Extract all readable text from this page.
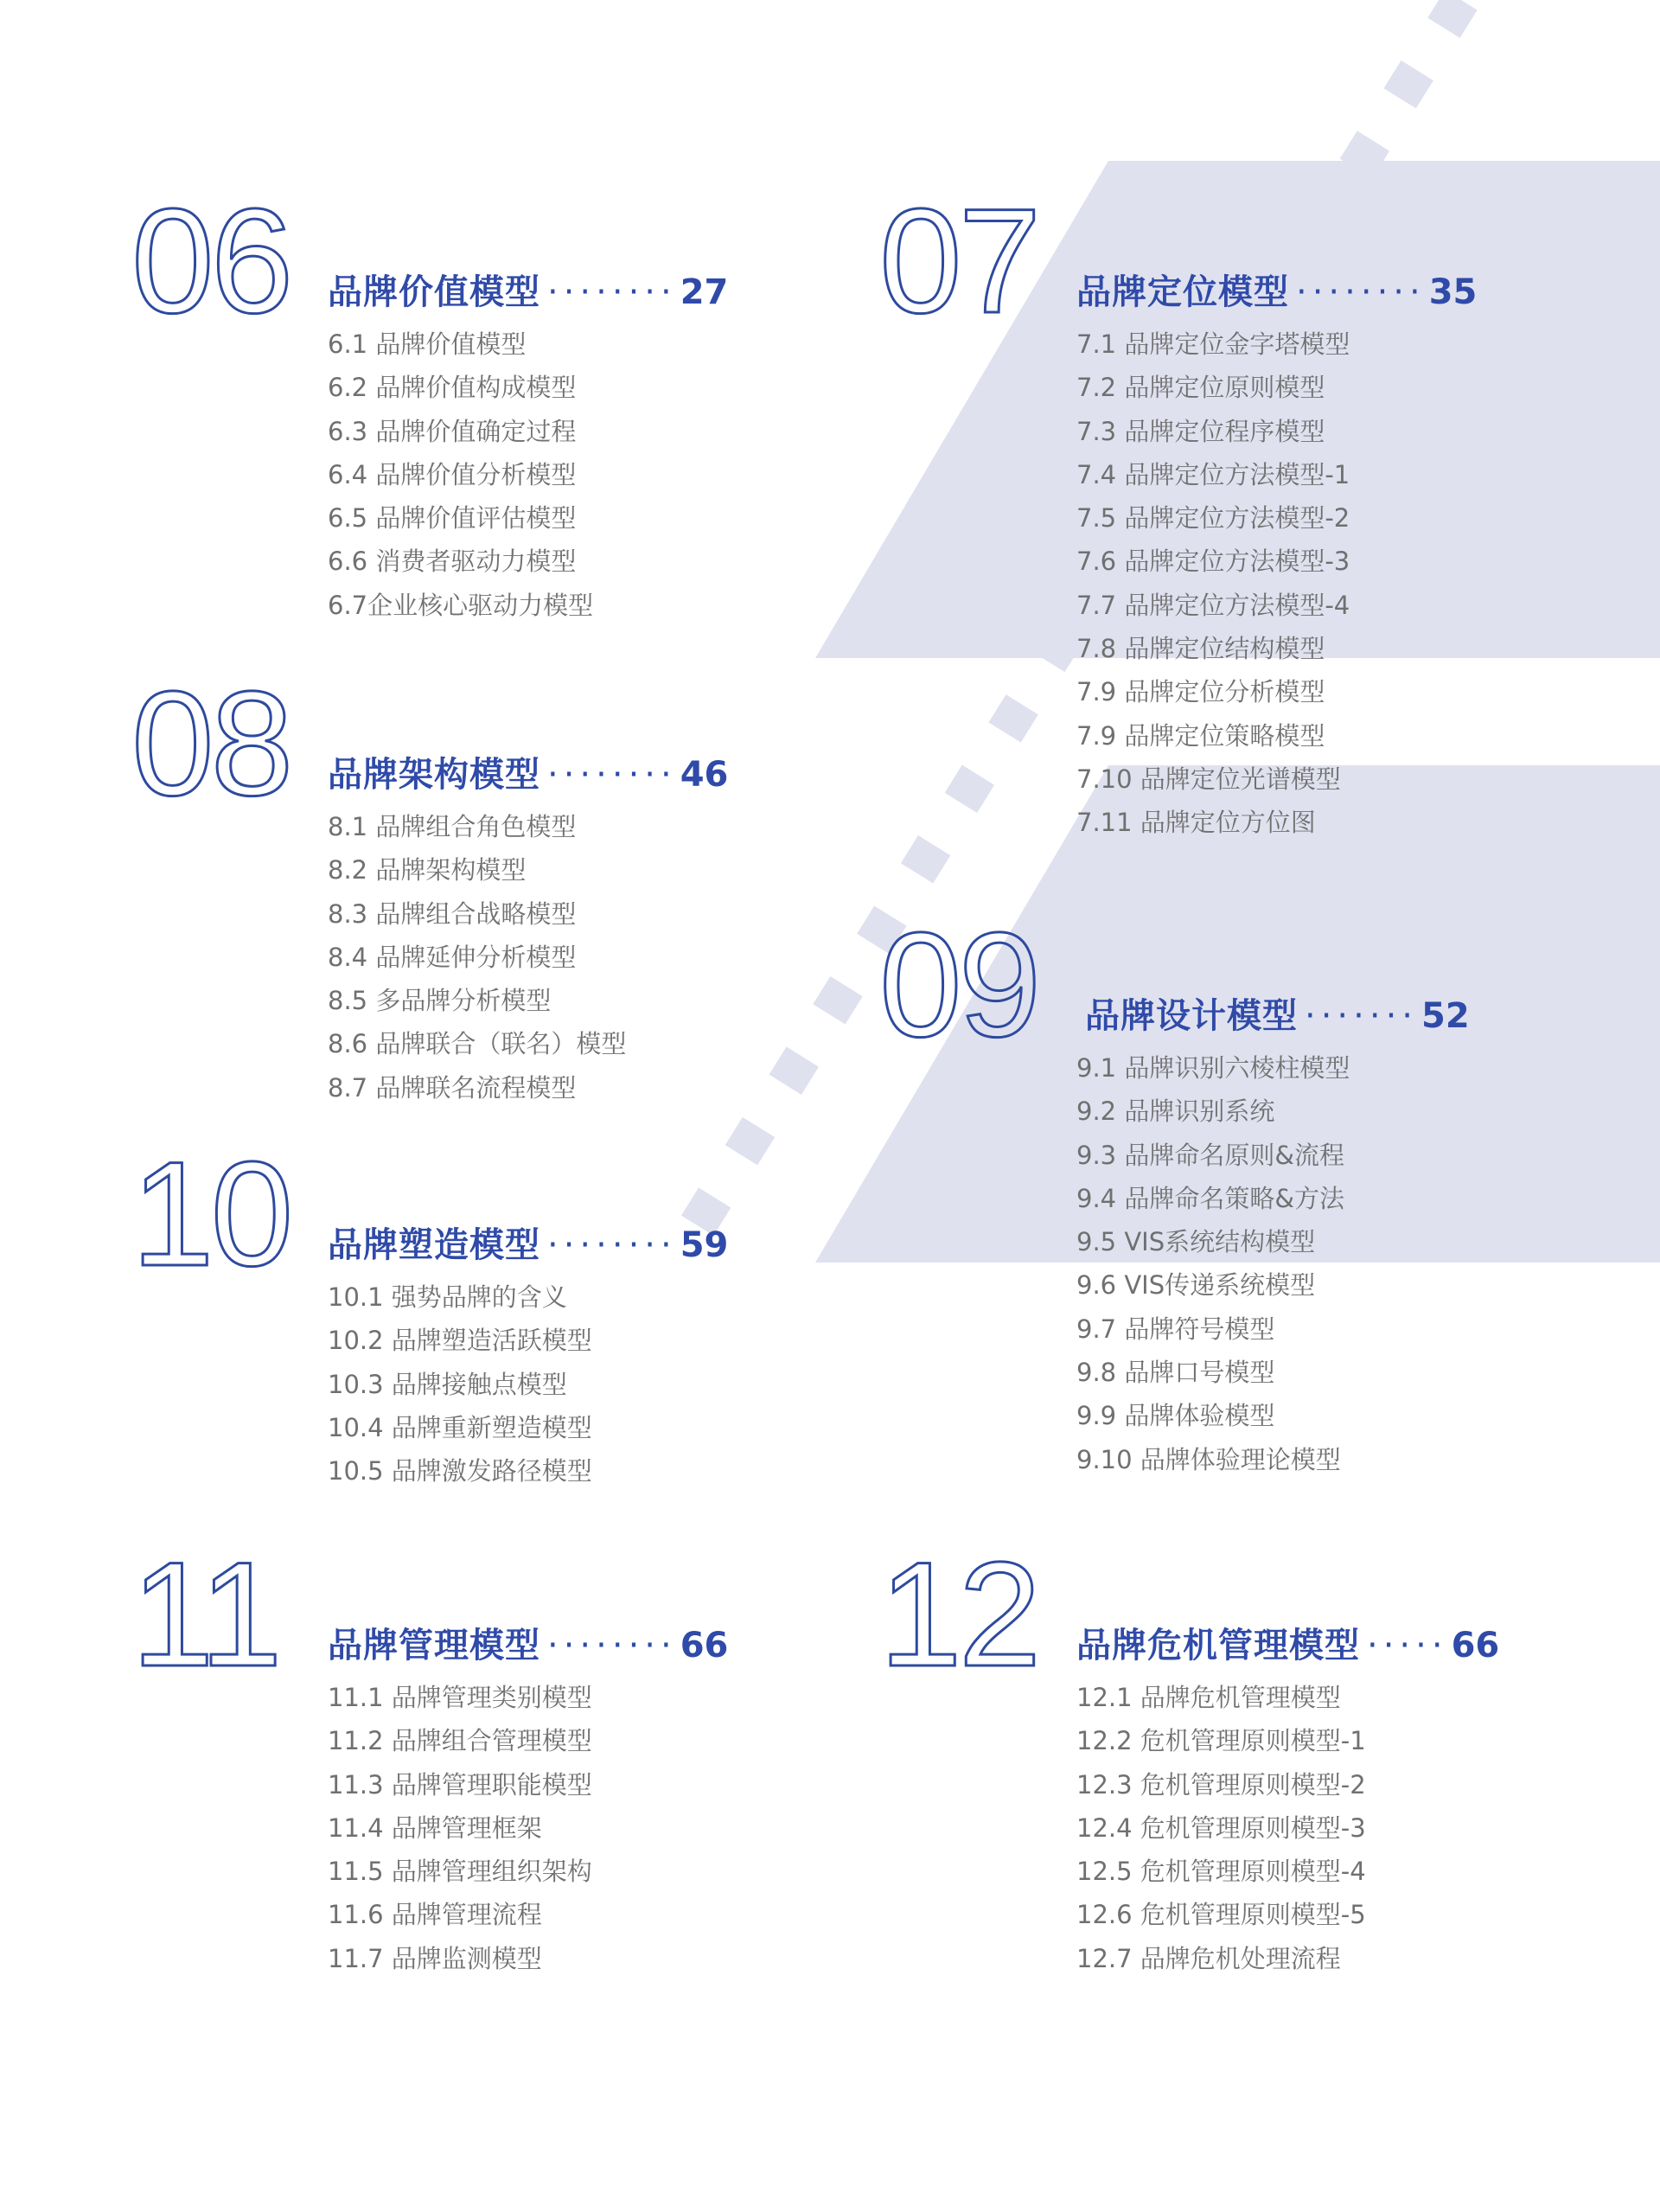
06 品牌价值模型 ········ 27
6.1 品牌价值模型
6.2 品牌价值构成模型
6.3 品牌价值确定过程
6.4 品牌价值分析模型
6.5 品牌价值评估模型
6.6 消费者驱动力模型
6.7企业核心驱动力模型
07 品牌定位模型 ········ 35
7.1 品牌定位金字塔模型
7.2 品牌定位原则模型
7.3 品牌定位程序模型
7.4 品牌定位方法模型-1
7.5 品牌定位方法模型-2
7.6 品牌定位方法模型-3
7.7 品牌定位方法模型-4
7.8 品牌定位结构模型
7.9 品牌定位分析模型
7.9 品牌定位策略模型
7.10 品牌定位光谱模型
7.11 品牌定位方位图
08 品牌架构模型 ········ 46
8.1 品牌组合角色模型
8.2 品牌架构模型
8.3 品牌组合战略模型
8.4 品牌延伸分析模型
8.5 多品牌分析模型
8.6 品牌联合（联名）模型
8.7 品牌联名流程模型
09 品牌设计模型 ······· 52
9.1 品牌识别六棱柱模型
9.2 品牌识别系统
9.3 品牌命名原则&流程
9.4 品牌命名策略&方法
9.5 VIS系统结构模型
9.6 VIS传递系统模型
9.7 品牌符号模型
9.8 品牌口号模型
9.9 品牌体验模型
9.10 品牌体验理论模型
10 品牌塑造模型 ········ 59
10.1 强势品牌的含义
10.2 品牌塑造活跃模型
10.3 品牌接触点模型
10.4 品牌重新塑造模型
10.5 品牌激发路径模型
11 品牌管理模型 ········ 66
11.1 品牌管理类别模型
11.2 品牌组合管理模型
11.3 品牌管理职能模型
11.4 品牌管理框架
11.5 品牌管理组织架构
11.6 品牌管理流程
11.7 品牌监测模型
12 品牌危机管理模型 ····· 66
12.1 品牌危机管理模型
12.2 危机管理原则模型-1
12.3 危机管理原则模型-2
12.4 危机管理原则模型-3
12.5 危机管理原则模型-4
12.6 危机管理原则模型-5
12.7 品牌危机处理流程
